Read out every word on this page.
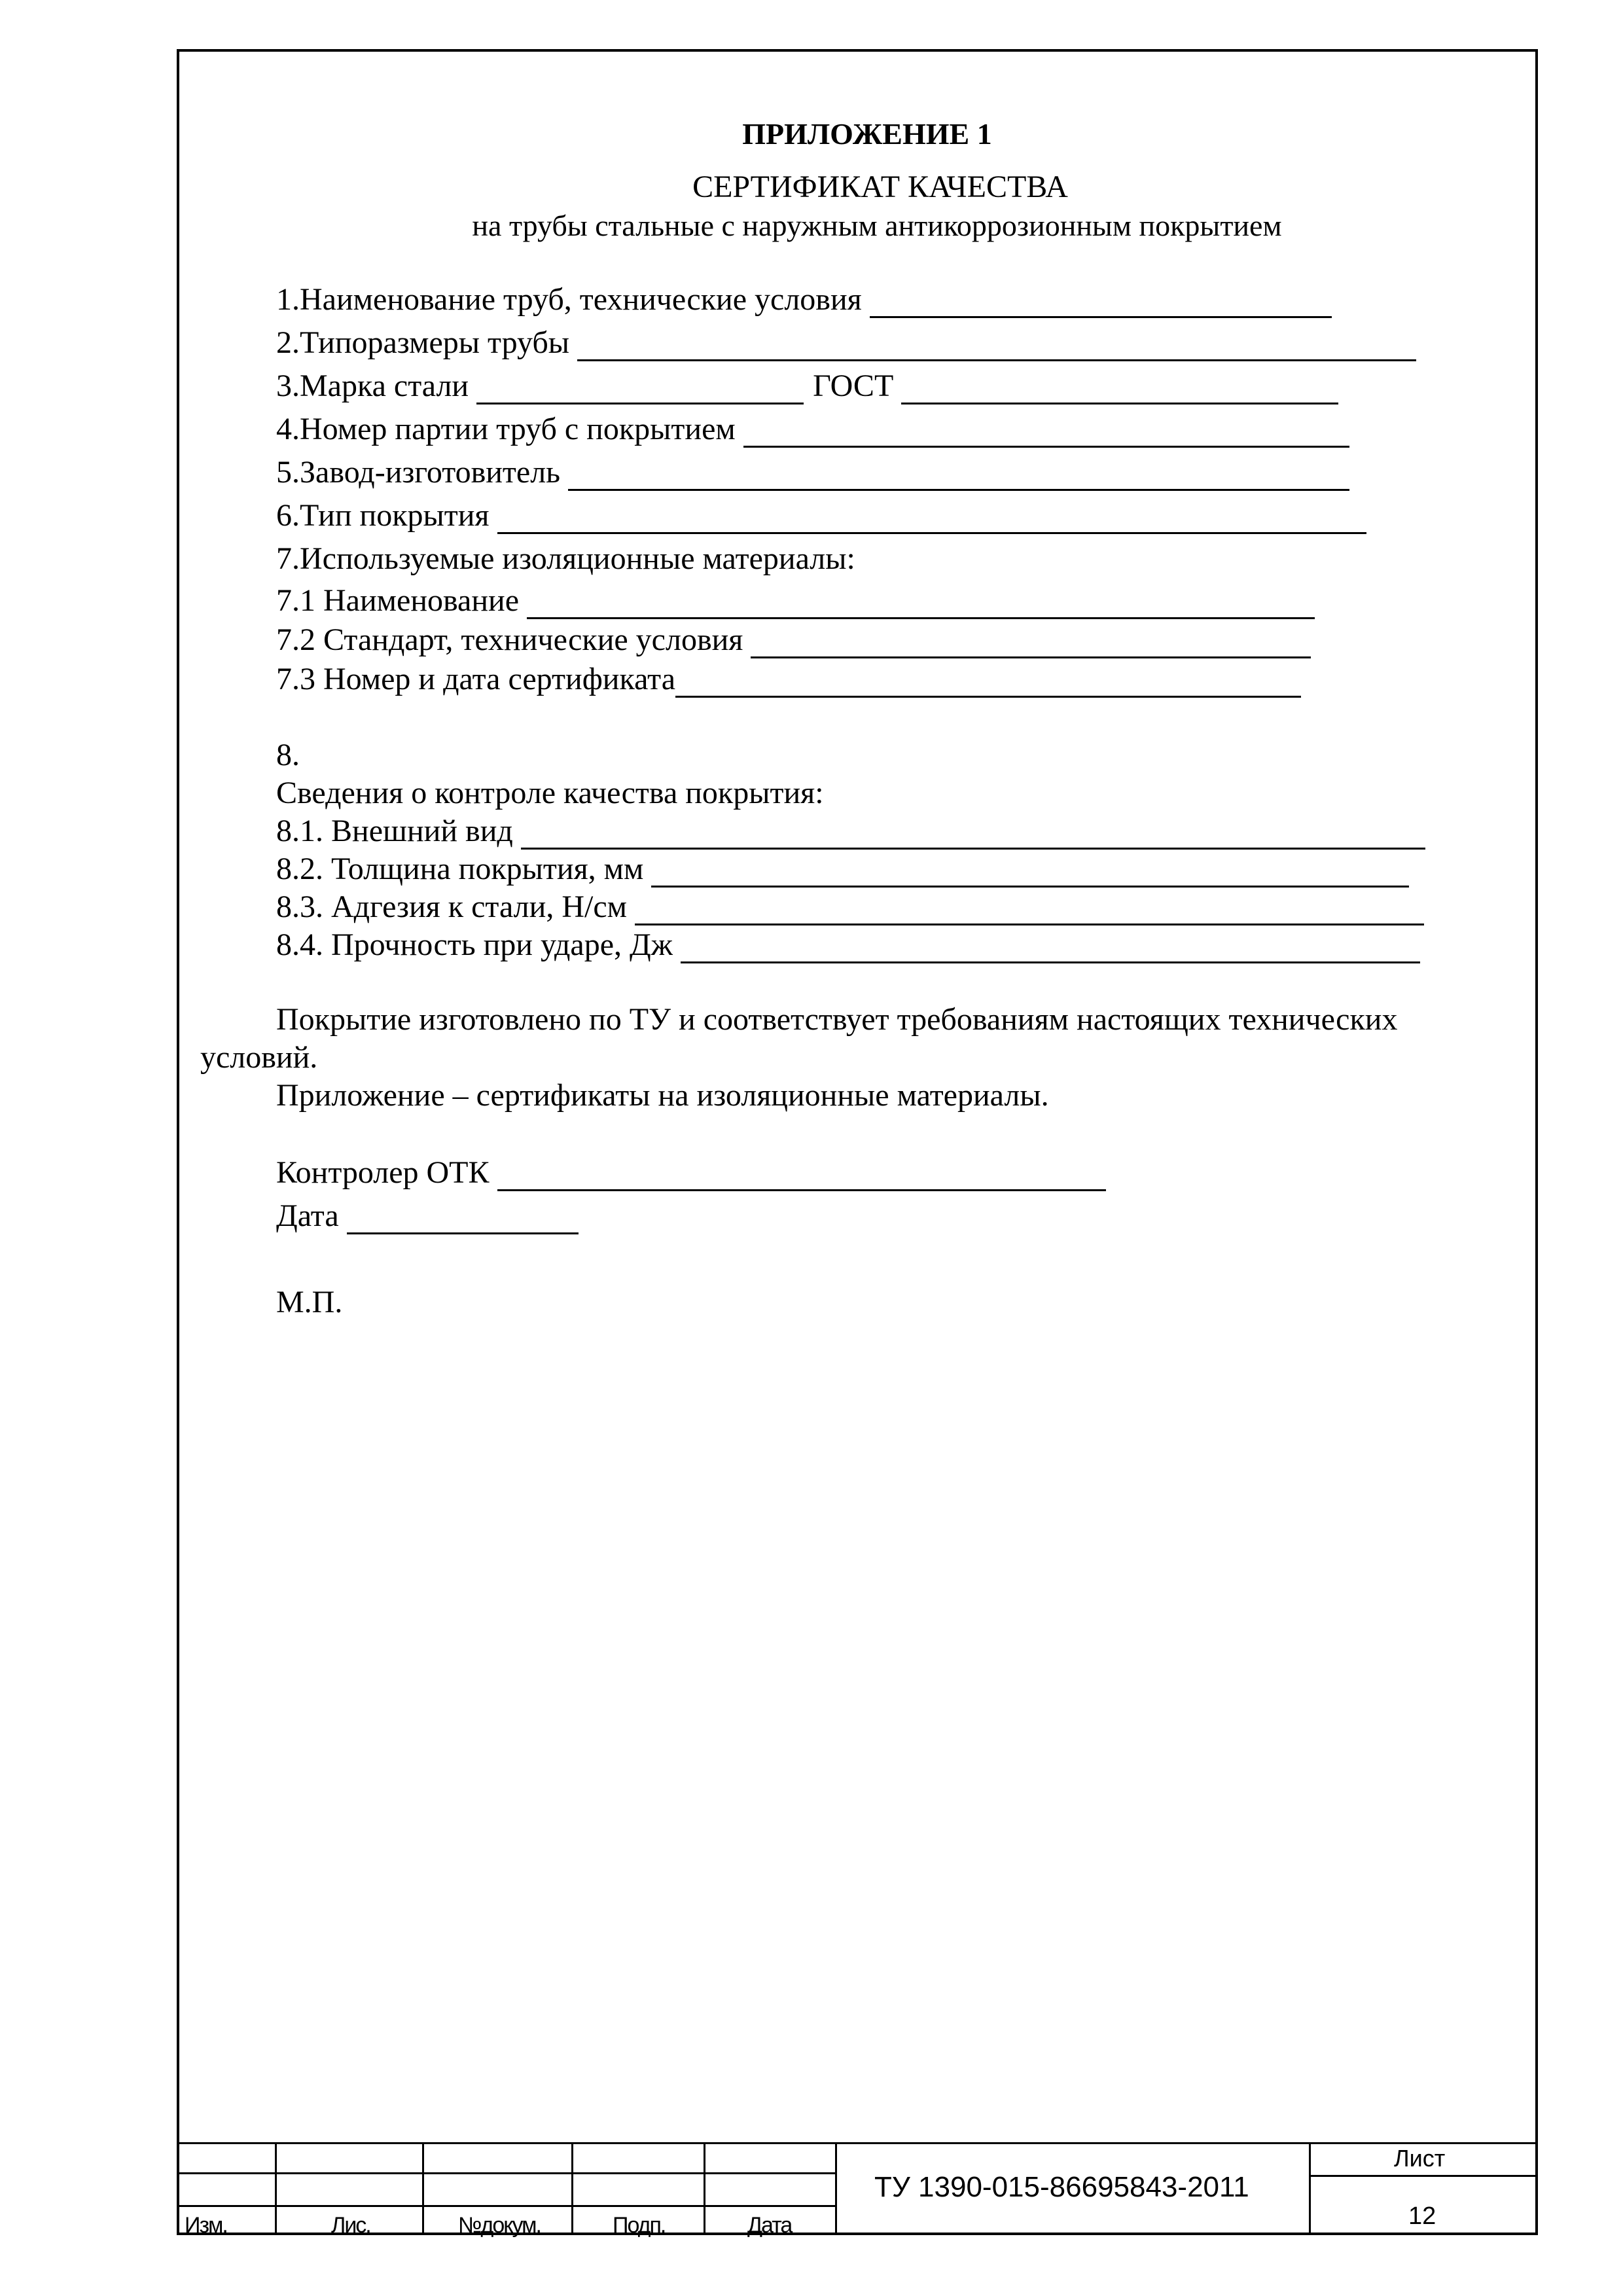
ПРИЛОЖЕНИЕ 1
СЕРТИФИКАТ КАЧЕСТВА
на трубы стальные с наружным антикоррозионным покрытием
1.Наименование труб, технические условия
2.Типоразмеры трубы
3.Марка стали	ГОСТ
4.Номер партии труб с покрытием
5.Завод-изготовитель
6.Тип покрытия
7.Используемые изоляционные материалы:
7.1 Наименование
7.2 Стандарт, технические условия
7.3 Номер и дата сертификата
8.
Сведения о контроле качества покрытия:
8.1. Внешний вид
8.2. Толщина покрытия, мм
8.3. Адгезия к стали, Н/см
8.4. Прочность при ударе, Дж
Покрытие изготовлено по ТУ и соответствует требованиям настоящих технических
условий.
Приложение – сертификаты на изоляционные материалы.
Контролер ОТК
Дата
М.П.
Изм.	Лис.	№докум.	Подп.	Дата
ТУ 1390-015-86695843-2011
Лист
12
